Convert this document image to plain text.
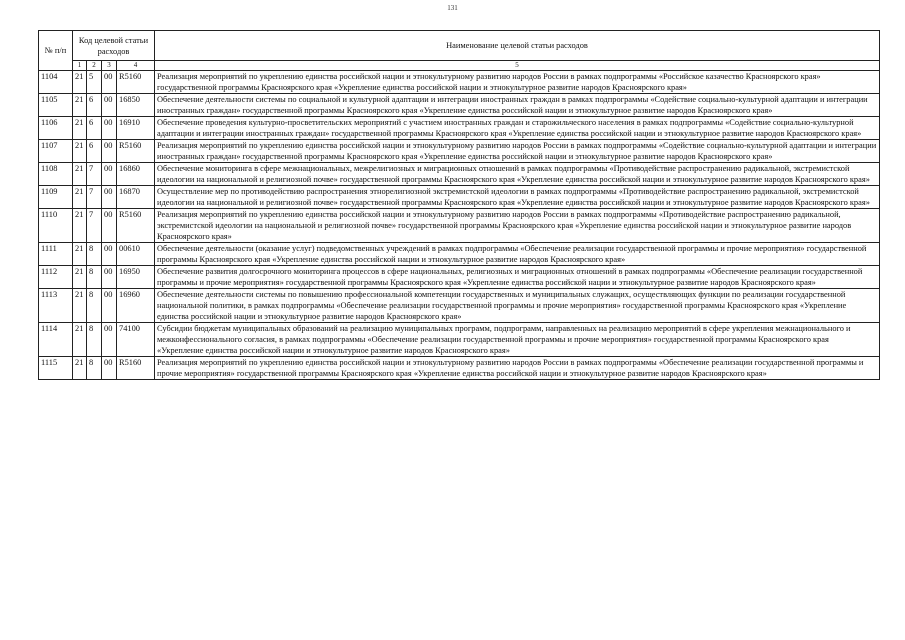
131
№ п/п	Код целевой статьи расходов				Наименование целевой статьи расходов
	1	2	3	4	5
1104	21	5	00	R5160	Реализация мероприятий по укреплению единства российской нации и этнокультурному развитию народов России в рамках подпрограммы «Российское казачество Красноярского края» государственной программы Красноярского края «Укрепление единства российской нации и этнокультурное развитие народов Красноярского края»
1105	21	6	00	16850	Обеспечение деятельности системы по социальной и культурной адаптации и интеграции иностранных граждан в рамках подпрограммы «Содействие социально-культурной адаптации и интеграции иностранных граждан» государственной программы Красноярского края «Укрепление единства российской нации и этнокультурное развитие народов Красноярского края»
1106	21	6	00	16910	Обеспечение проведения культурно-просветительских мероприятий с участием иностранных граждан и старожильческого населения в рамках подпрограммы «Содействие социально-культурной адаптации и интеграции иностранных граждан» государственной программы Красноярского края «Укрепление единства российской нации и этнокультурное развитие народов Красноярского края»
1107	21	6	00	R5160	Реализация мероприятий по укреплению единства российской нации и этнокультурному развитию народов России в рамках подпрограммы «Содействие социально-культурной адаптации и интеграции иностранных граждан» государственной программы Красноярского края «Укрепление единства российской нации и этнокультурное развитие народов Красноярского края»
1108	21	7	00	16860	Обеспечение мониторинга в сфере межнациональных, межрелигиозных и миграционных отношений в рамках подпрограммы «Противодействие распространению радикальной, экстремистской идеологии на национальной и религиозной почве» государственной программы Красноярского края «Укрепление единства российской нации и этнокультурное развитие народов Красноярского края»
1109	21	7	00	16870	Осуществление мер по противодействию распространения этнорелигиозной экстремистской идеологии в рамках подпрограммы «Противодействие распространению радикальной, экстремистской идеологии на национальной и религиозной почве» государственной программы Красноярского края «Укрепление единства российской нации и этнокультурное развитие народов Красноярского края»
1110	21	7	00	R5160	Реализация мероприятий по укреплению единства российской нации и этнокультурному развитию народов России в рамках подпрограммы «Противодействие распространению радикальной, экстремистской идеологии на национальной и религиозной почве» государственной программы Красноярского края «Укрепление единства российской нации и этнокультурное развитие народов Красноярского края»
1111	21	8	00	00610	Обеспечение деятельности (оказание услуг) подведомственных учреждений в рамках подпрограммы «Обеспечение реализации государственной программы и прочие мероприятия» государственной программы Красноярского края «Укрепление единства российской нации и этнокультурное развитие народов Красноярского края»
1112	21	8	00	16950	Обеспечение развития долгосрочного мониторинга процессов в сфере национальных, религиозных и миграционных отношений в рамках подпрограммы «Обеспечение реализации государственной программы и прочие мероприятия» государственной программы Красноярского края «Укрепление единства российской нации и этнокультурное развитие народов Красноярского края»
1113	21	8	00	16960	Обеспечение деятельности системы по повышению профессиональной компетенции государственных и муниципальных служащих, осуществляющих функции по реализации государственной национальной политики, в рамках подпрограммы «Обеспечение реализации государственной программы и прочие мероприятия» государственной программы Красноярского края «Укрепление единства российской нации и этнокультурное развитие народов Красноярского края»
1114	21	8	00	74100	Субсидии бюджетам муниципальных образований на реализацию муниципальных программ, подпрограмм, направленных на реализацию мероприятий в сфере укрепления межнационального и межконфессионального согласия, в рамках подпрограммы «Обеспечение реализации государственной программы и прочие мероприятия» государственной программы Красноярского края «Укрепление единства российской нации и этнокультурное развитие народов Красноярского края»
1115	21	8	00	R5160	Реализация мероприятий по укреплению единства российской нации и этнокультурному развитию народов России в рамках подпрограммы «Обеспечение реализации государственной программы и прочие мероприятия» государственной программы Красноярского края «Укрепление единства российской нации и этнокультурное развитие народов Красноярского края»
